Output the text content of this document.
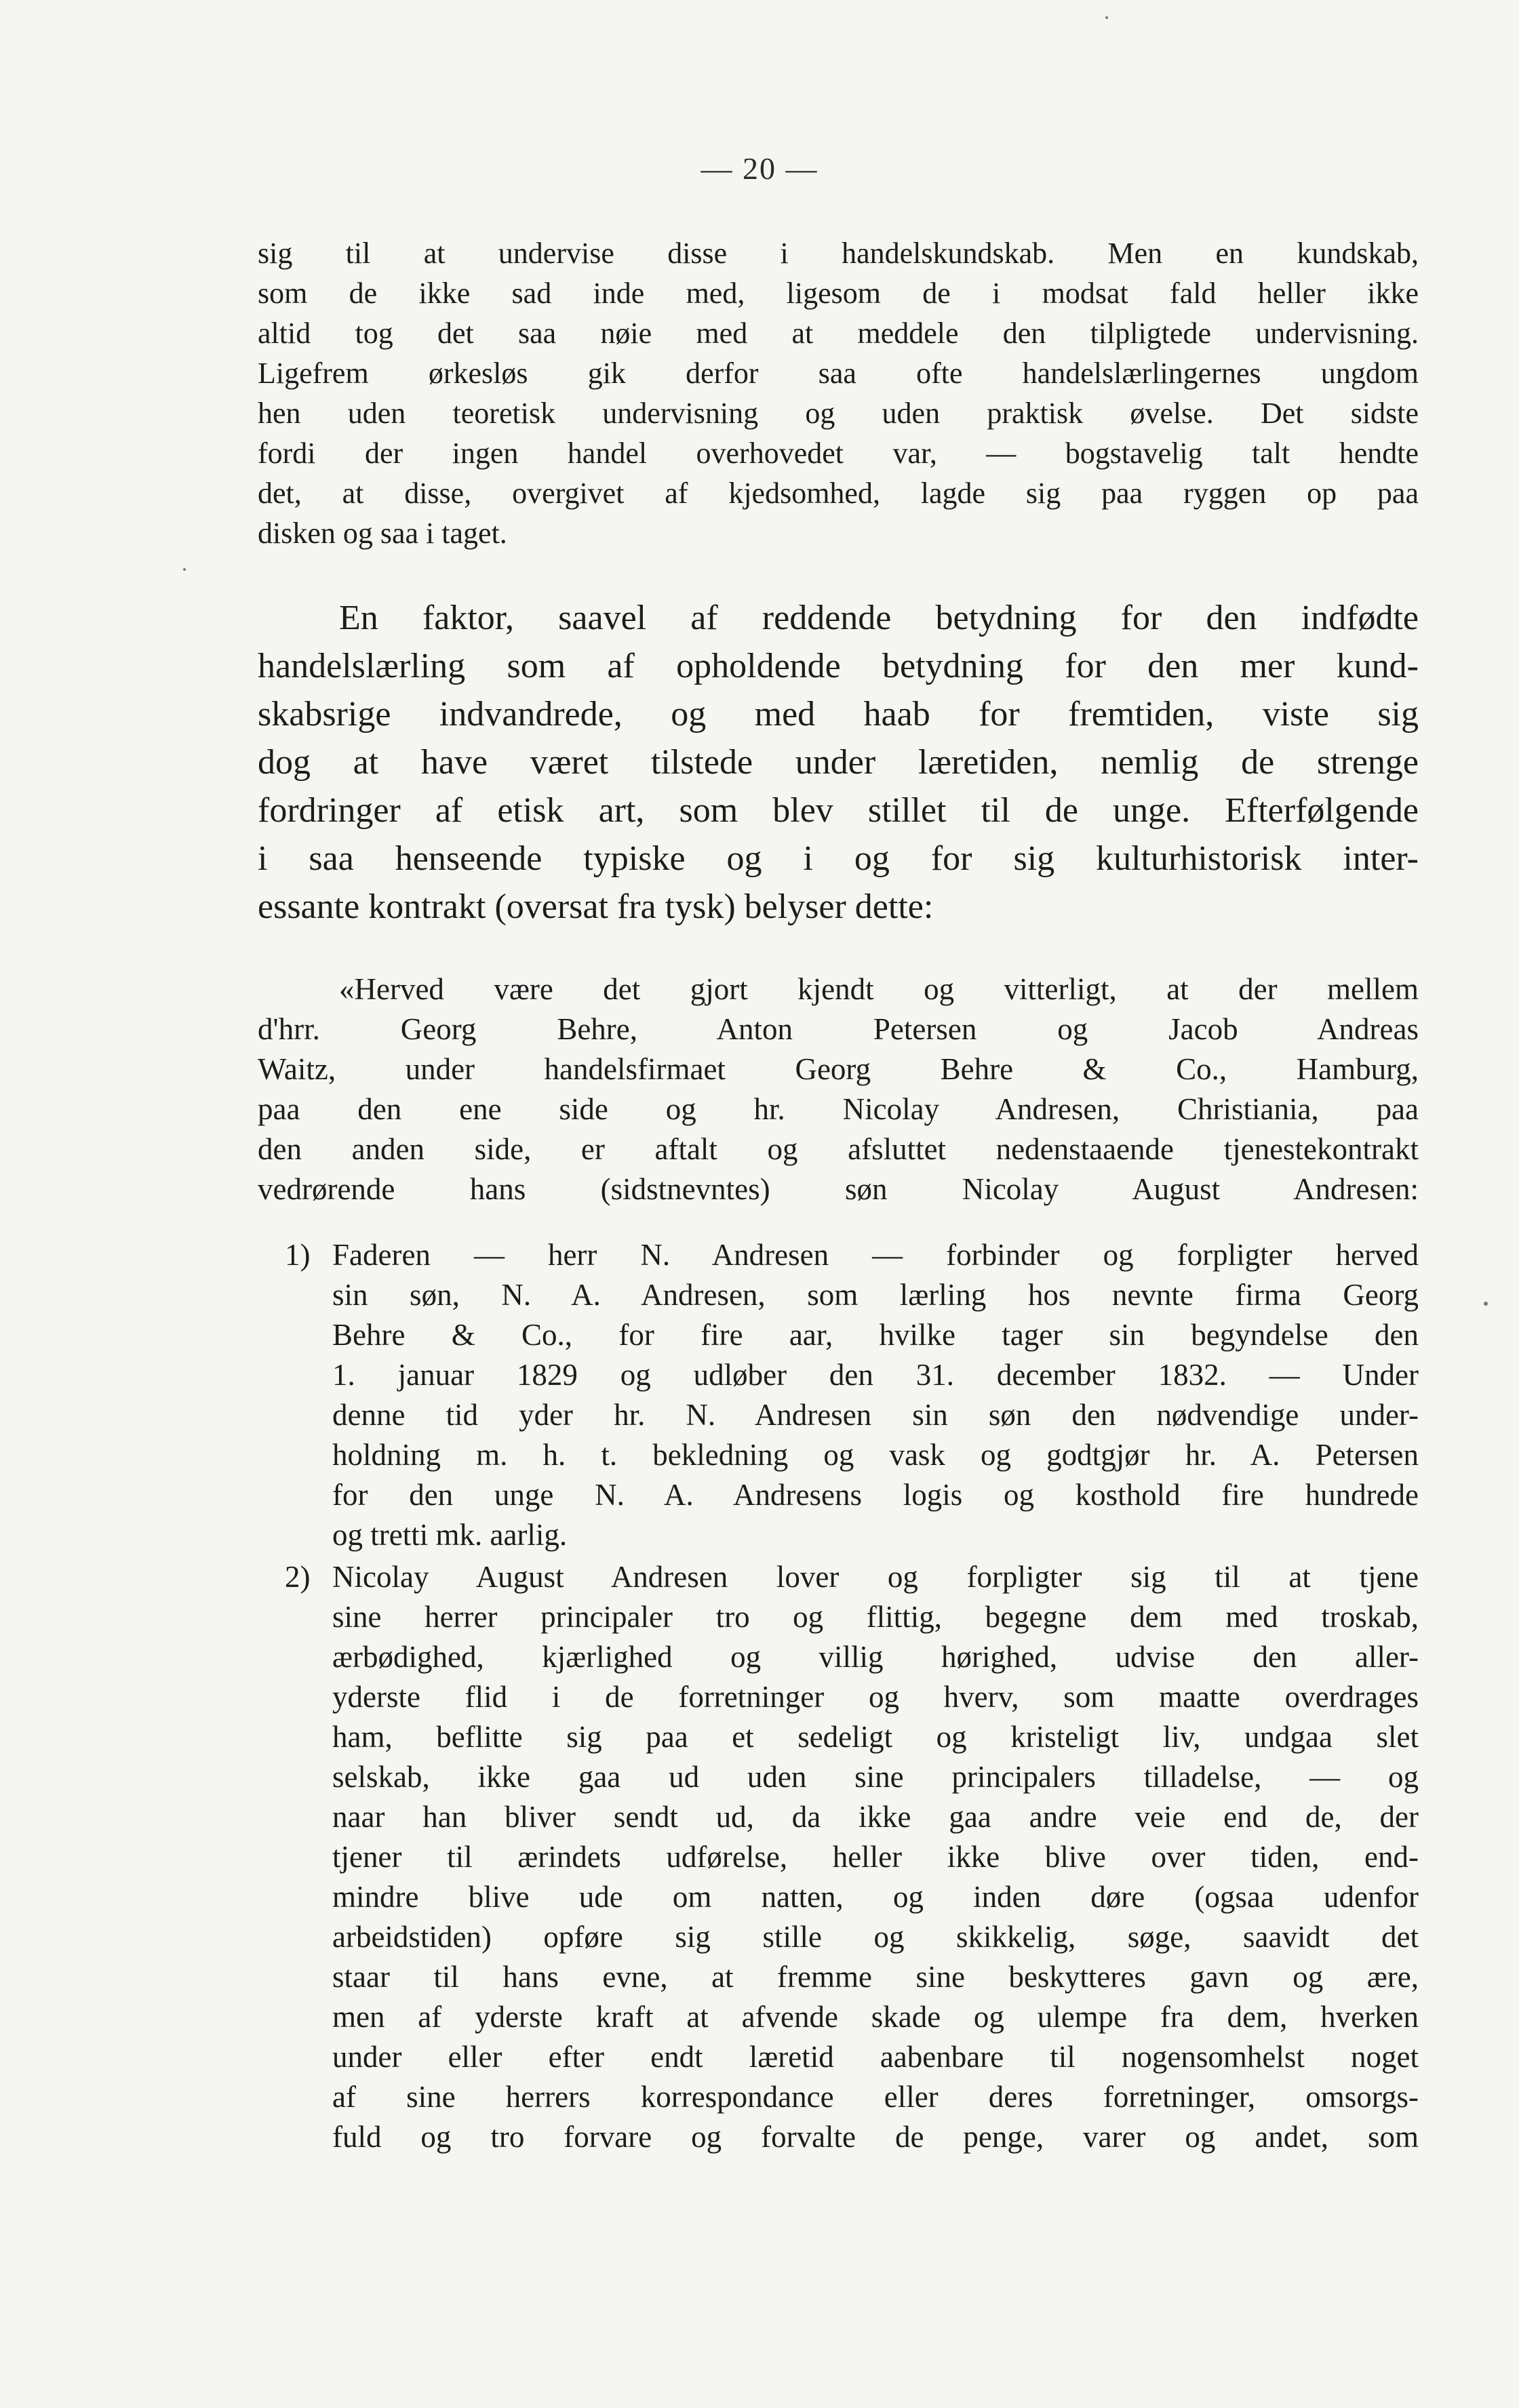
— 20 —
sig til at undervise disse i handelskundskab. Men en kundskab,
som de ikke sad inde med, ligesom de i modsat fald heller ikke
altid tog det saa nøie med at meddele den tilpligtede undervisning.
Ligefrem ørkesløs gik derfor saa ofte handelslærlingernes ungdom
hen uden teoretisk undervisning og uden praktisk øvelse. Det sidste
fordi der ingen handel overhovedet var, — bogstavelig talt hendte
det, at disse, overgivet af kjedsomhed, lagde sig paa ryggen op paa
disken og saa i taget.
En faktor, saavel af reddende betydning for den indfødte
handelslærling som af opholdende betydning for den mer kund-
skabsrige indvandrede, og med haab for fremtiden, viste sig
dog at have været tilstede under læretiden, nemlig de strenge
fordringer af etisk art, som blev stillet til de unge. Efterfølgende
i saa henseende typiske og i og for sig kulturhistorisk inter-
essante kontrakt (oversat fra tysk) belyser dette:
«Herved være det gjort kjendt og vitterligt, at der mellem
d'hrr. Georg Behre, Anton Petersen og Jacob Andreas
Waitz, under handelsfirmaet Georg Behre & Co., Hamburg,
paa den ene side og hr. Nicolay Andresen, Christiania, paa
den anden side, er aftalt og afsluttet nedenstaaende tjenestekontrakt
vedrørende hans (sidstnevntes) søn Nicolay August Andresen:
1) Faderen — herr N. Andresen — forbinder og forpligter herved
sin søn, N. A. Andresen, som lærling hos nevnte firma Georg
Behre & Co., for fire aar, hvilke tager sin begyndelse den
1. januar 1829 og udløber den 31. december 1832. — Under
denne tid yder hr. N. Andresen sin søn den nødvendige under-
holdning m. h. t. bekledning og vask og godtgjør hr. A. Petersen
for den unge N. A. Andresens logis og kosthold fire hundrede
og tretti mk. aarlig.
2) Nicolay August Andresen lover og forpligter sig til at tjene
sine herrer principaler tro og flittig, begegne dem med troskab,
ærbødighed, kjærlighed og villig hørighed, udvise den aller-
yderste flid i de forretninger og hverv, som maatte overdrages
ham, beflitte sig paa et sedeligt og kristeligt liv, undgaa slet
selskab, ikke gaa ud uden sine principalers tilladelse, — og
naar han bliver sendt ud, da ikke gaa andre veie end de, der
tjener til ærindets udførelse, heller ikke blive over tiden, end-
mindre blive ude om natten, og inden døre (ogsaa udenfor
arbeidstiden) opføre sig stille og skikkelig, søge, saavidt det
staar til hans evne, at fremme sine beskytteres gavn og ære,
men af yderste kraft at afvende skade og ulempe fra dem, hverken
under eller efter endt læretid aabenbare til nogensomhelst noget
af sine herrers korrespondance eller deres forretninger, omsorgs-
fuld og tro forvare og forvalte de penge, varer og andet, som
